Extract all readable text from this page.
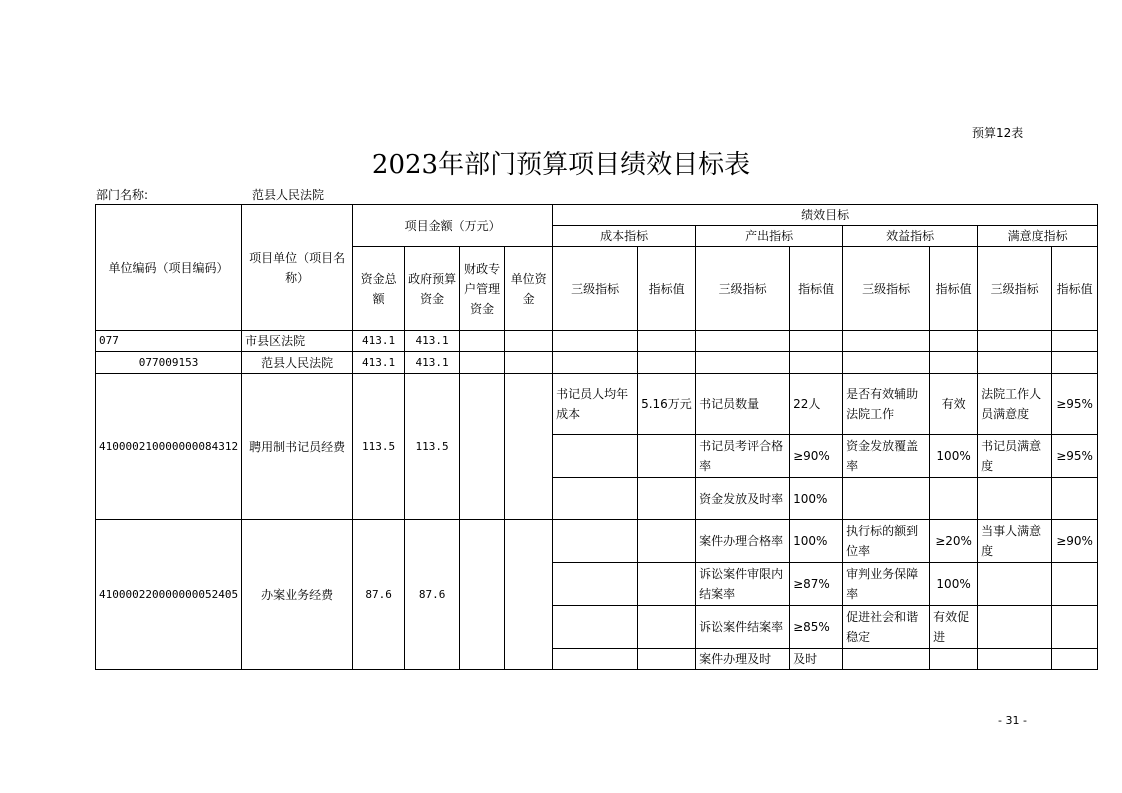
预算12表
2023年部门预算项目绩效目标表
部门名称:	范县人民法院
单位编码（项目编码）	项目单位（项目名称）	项目金额（万元）				绩效目标							
						成本指标		产出指标		效益指标		满意度指标	
		资金总额	政府预算资金	财政专户管理资金	单位资金	三级指标	指标值	三级指标	指标值	三级指标	指标值	三级指标	指标值
077	市县区法院	413.1	413.1										
077009153	范县人民法院	413.1	413.1										
410000210000000084312	聘用制书记员经费	113.5	113.5			书记员人均年成本	5.16万元	书记员数量	22人	是否有效辅助法院工作	有效	法院工作人员满意度	≥95%
								书记员考评合格率	≥90%	资金发放覆盖率	100%	书记员满意度	≥95%
								资金发放及时率	100%				
410000220000000052405	办案业务经费	87.6	87.6					案件办理合格率	100%	执行标的额到位率	≥20%	当事人满意度	≥90%
								诉讼案件审限内结案率	≥87%	审判业务保障率	100%		
								诉讼案件结案率	≥85%	促进社会和谐稳定	有效促进		
								案件办理及时	及时				
- 31 -
